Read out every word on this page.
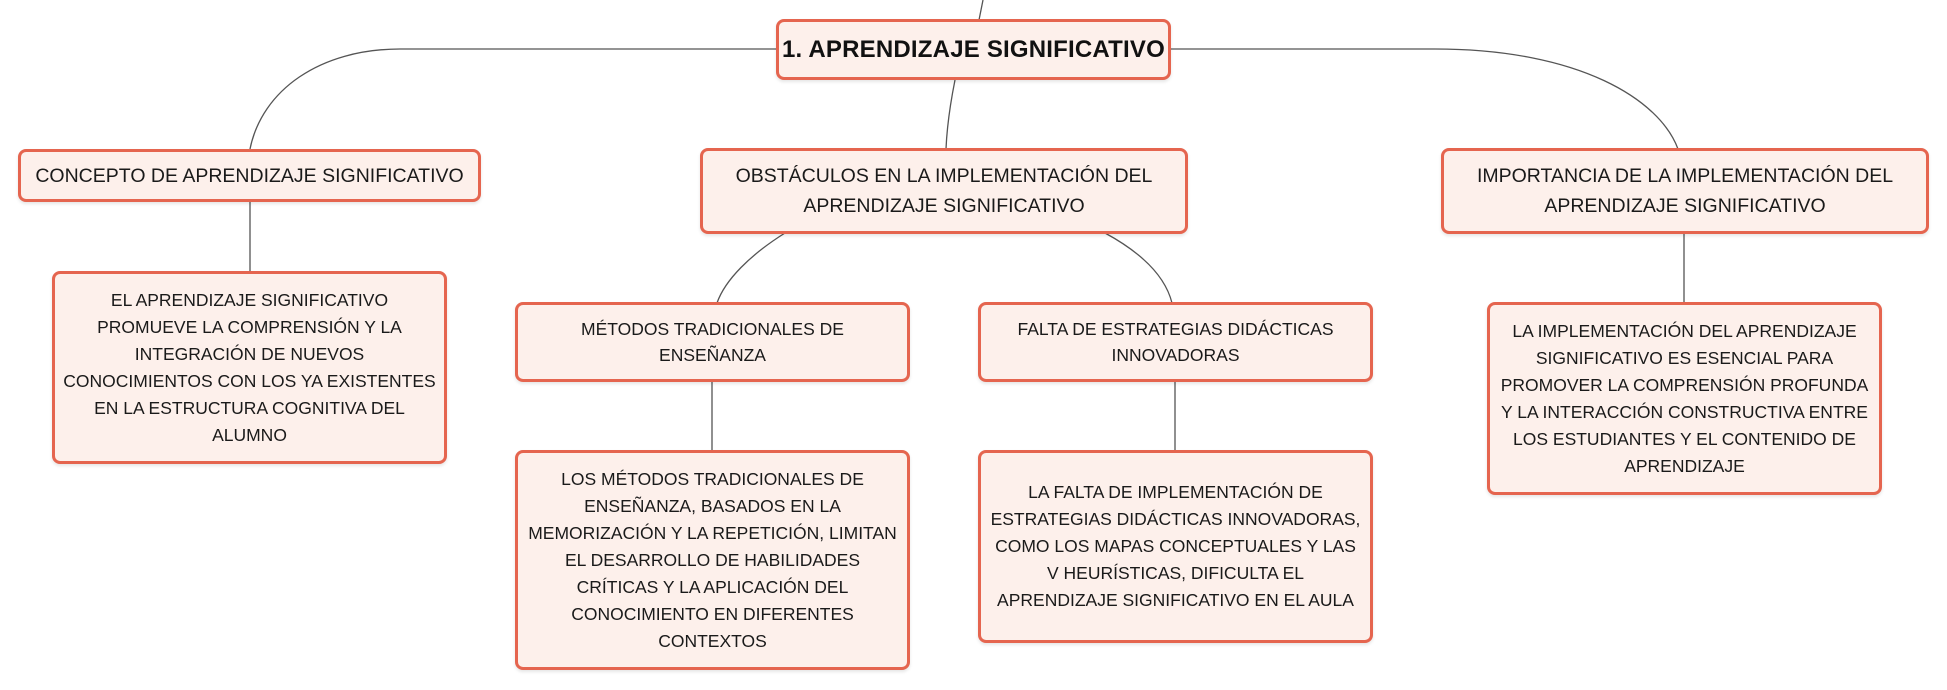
1. APRENDIZAJE SIGNIFICATIVO
CONCEPTO DE APRENDIZAJE SIGNIFICATIVO	OBSTÁCULOS EN LA IMPLEMENTACIÓN DEL APRENDIZAJE SIGNIFICATIVO
IMPORTANCIA DE LA IMPLEMENTACIÓN DEL APRENDIZAJE SIGNIFICATIVO
EL APRENDIZAJE SIGNIFICATIVO PROMUEVE LA COMPRENSIÓN Y LA INTEGRACIÓN DE NUEVOS CONOCIMIENTOS CON LOS YA EXISTENTES EN LA ESTRUCTURA COGNITIVA DEL ALUMNO
MÉTODOS TRADICIONALES DE ENSEÑANZA
FALTA DE ESTRATEGIAS DIDÁCTICAS INNOVADORAS
LA IMPLEMENTACIÓN DEL APRENDIZAJE SIGNIFICATIVO ES ESENCIAL PARA PROMOVER LA COMPRENSIÓN PROFUNDA Y LA INTERACCIÓN CONSTRUCTIVA ENTRE LOS ESTUDIANTES Y EL CONTENIDO DE APRENDIZAJE
LOS MÉTODOS TRADICIONALES DE ENSEÑANZA, BASADOS EN LA MEMORIZACIÓN Y LA REPETICIÓN, LIMITAN EL DESARROLLO DE HABILIDADES CRÍTICAS Y LA APLICACIÓN DEL CONOCIMIENTO EN DIFERENTES CONTEXTOS
LA FALTA DE IMPLEMENTACIÓN DE ESTRATEGIAS DIDÁCTICAS INNOVADORAS, COMO LOS MAPAS CONCEPTUALES Y LAS V HEURÍSTICAS, DIFICULTA EL APRENDIZAJE SIGNIFICATIVO EN EL AULA
